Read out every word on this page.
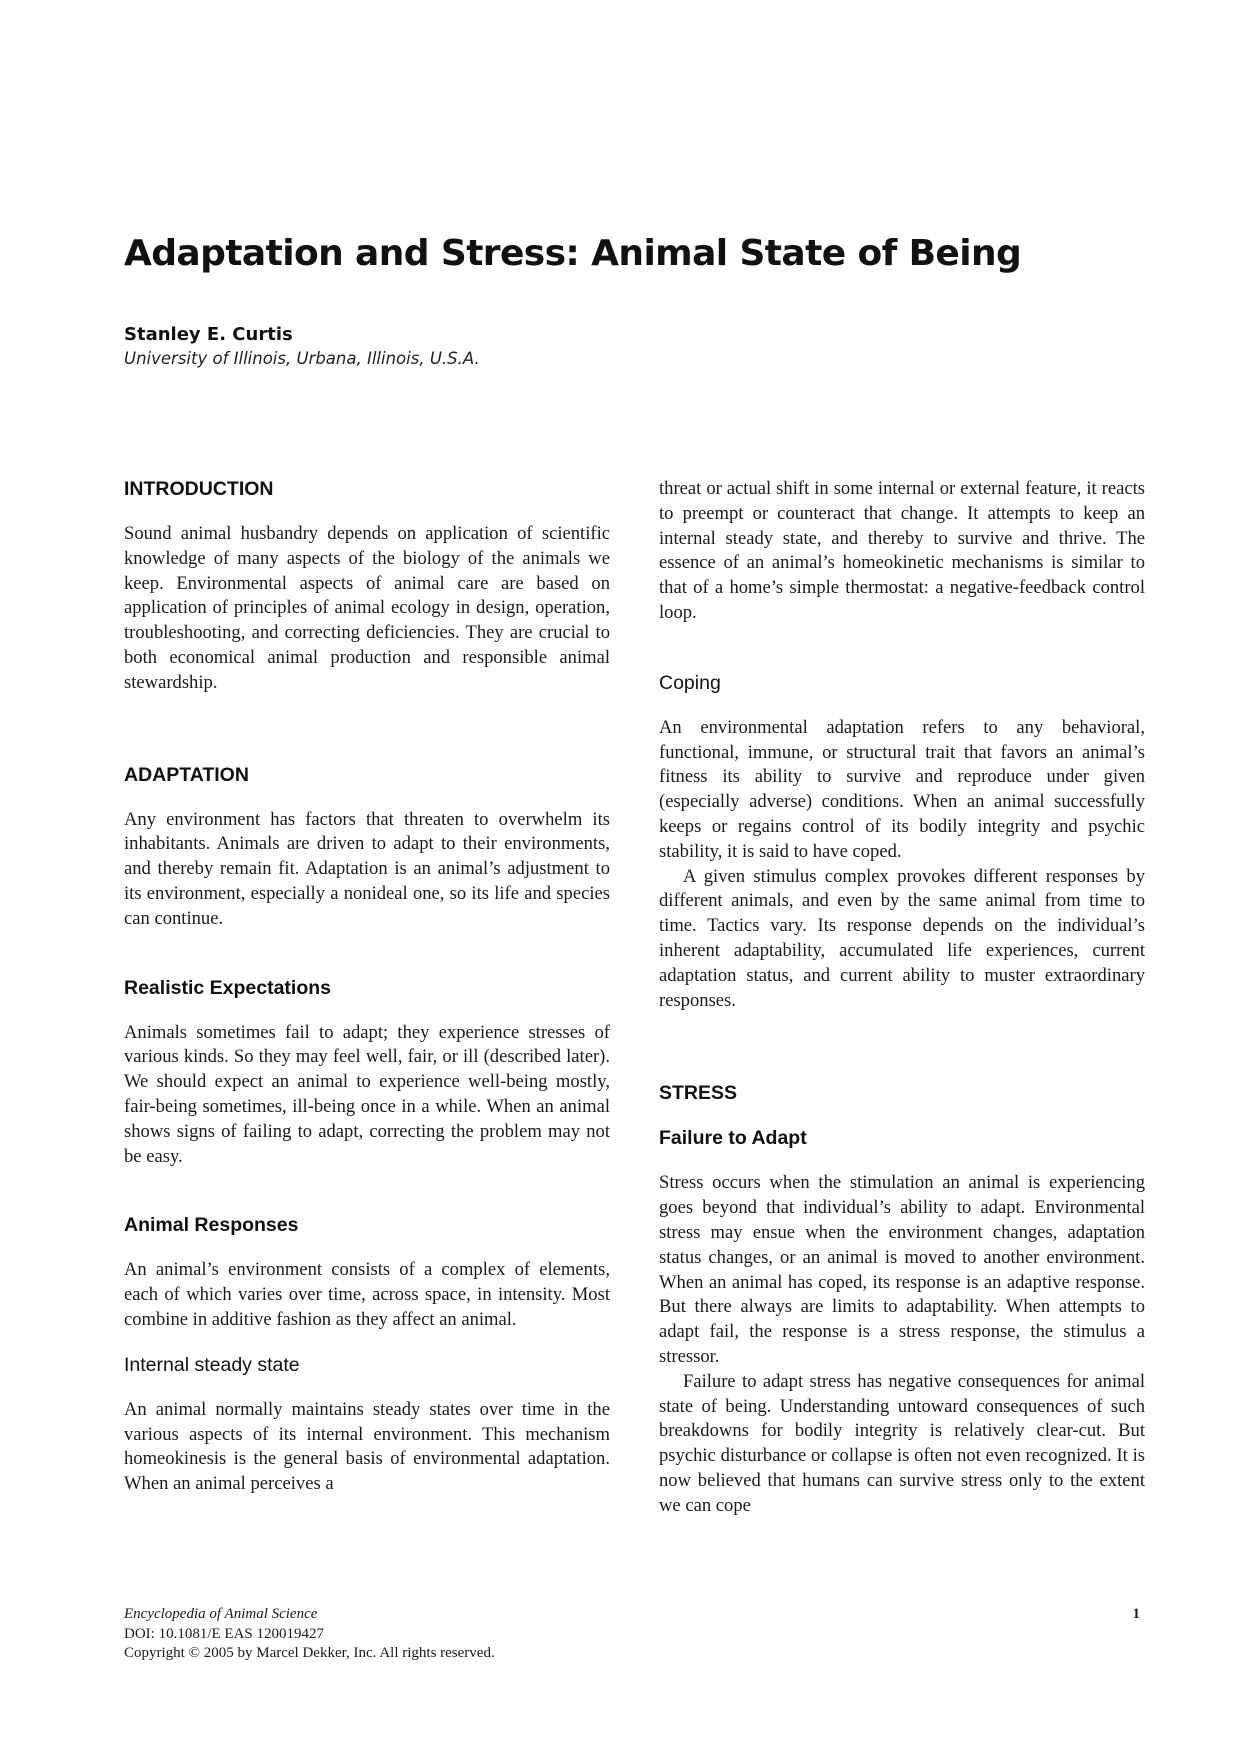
Adaptation and Stress: Animal State of Being
Stanley E. Curtis
University of Illinois, Urbana, Illinois, U.S.A.
INTRODUCTION

Sound animal husbandry depends on application of scientific knowledge of many aspects of the biology of the animals we keep. Environmental aspects of animal care are based on application of principles of animal ecology in design, operation, troubleshooting, and correcting deficiencies. They are crucial to both economical animal production and responsible animal stewardship.

ADAPTATION

Any environment has factors that threaten to overwhelm its inhabitants. Animals are driven to adapt to their environments, and thereby remain fit. Adaptation is an animal’s adjustment to its environment, especially a nonideal one, so its life and species can continue.

Realistic Expectations

Animals sometimes fail to adapt; they experience stresses of various kinds. So they may feel well, fair, or ill (described later). We should expect an animal to experience well-being mostly, fair-being sometimes, ill-being once in a while. When an animal shows signs of failing to adapt, correcting the problem may not be easy.

Animal Responses

An animal’s environment consists of a complex of elements, each of which varies over time, across space, in intensity. Most combine in additive fashion as they affect an animal.

Internal steady state

An animal normally maintains steady states over time in the various aspects of its internal environment. This mechanism homeokinesis is the general basis of environmental adaptation. When an animal perceives a

threat or actual shift in some internal or external feature, it reacts to preempt or counteract that change. It attempts to keep an internal steady state, and thereby to survive and thrive. The essence of an animal’s homeokinetic mechanisms is similar to that of a home’s simple thermostat: a negative-feedback control loop.

Coping

An environmental adaptation refers to any behavioral, functional, immune, or structural trait that favors an animal’s fitness its ability to survive and reproduce under given (especially adverse) conditions. When an animal successfully keeps or regains control of its bodily integrity and psychic stability, it is said to have coped.

A given stimulus complex provokes different responses by different animals, and even by the same animal from time to time. Tactics vary. Its response depends on the individual’s inherent adaptability, accumulated life experiences, current adaptation status, and current ability to muster extraordinary responses.

STRESS
Failure to Adapt

Stress occurs when the stimulation an animal is experiencing goes beyond that individual’s ability to adapt. Environmental stress may ensue when the environment changes, adaptation status changes, or an animal is moved to another environment. When an animal has coped, its response is an adaptive response. But there always are limits to adaptability. When attempts to adapt fail, the response is a stress response, the stimulus a stressor.

Failure to adapt stress has negative consequences for animal state of being. Understanding untoward consequences of such breakdowns for bodily integrity is relatively clear-cut. But psychic disturbance or collapse is often not even recognized. It is now believed that humans can survive stress only to the extent we can cope

Encyclopedia of Animal Science
DOI: 10.1081/E EAS 120019427
Copyright © 2005 by Marcel Dekker, Inc. All rights reserved.
1
